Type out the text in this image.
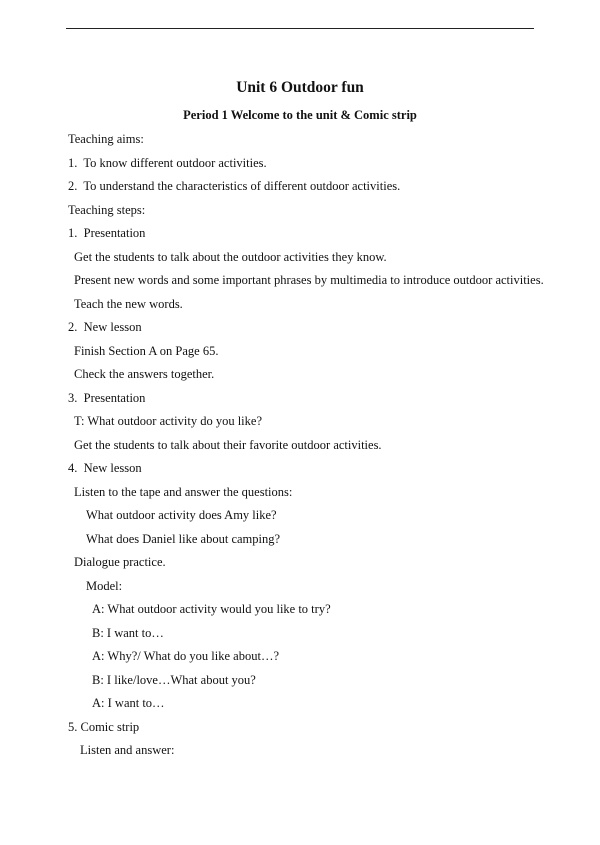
Unit 6 Outdoor fun
Period 1 Welcome to the unit & Comic strip
Teaching aims:
1.  To know different outdoor activities.
2.  To understand the characteristics of different outdoor activities.
Teaching steps:
1.  Presentation
Get the students to talk about the outdoor activities they know.
Present new words and some important phrases by multimedia to introduce outdoor activities.
Teach the new words.
2.  New lesson
Finish Section A on Page 65.
Check the answers together.
3.  Presentation
T: What outdoor activity do you like?
Get the students to talk about their favorite outdoor activities.
4.  New lesson
Listen to the tape and answer the questions:
What outdoor activity does Amy like?
What does Daniel like about camping?
Dialogue practice.
Model:
A: What outdoor activity would you like to try?
B: I want to…
A: Why?/ What do you like about…?
B: I like/love…What about you?
A: I want to…
5. Comic strip
Listen and answer:
